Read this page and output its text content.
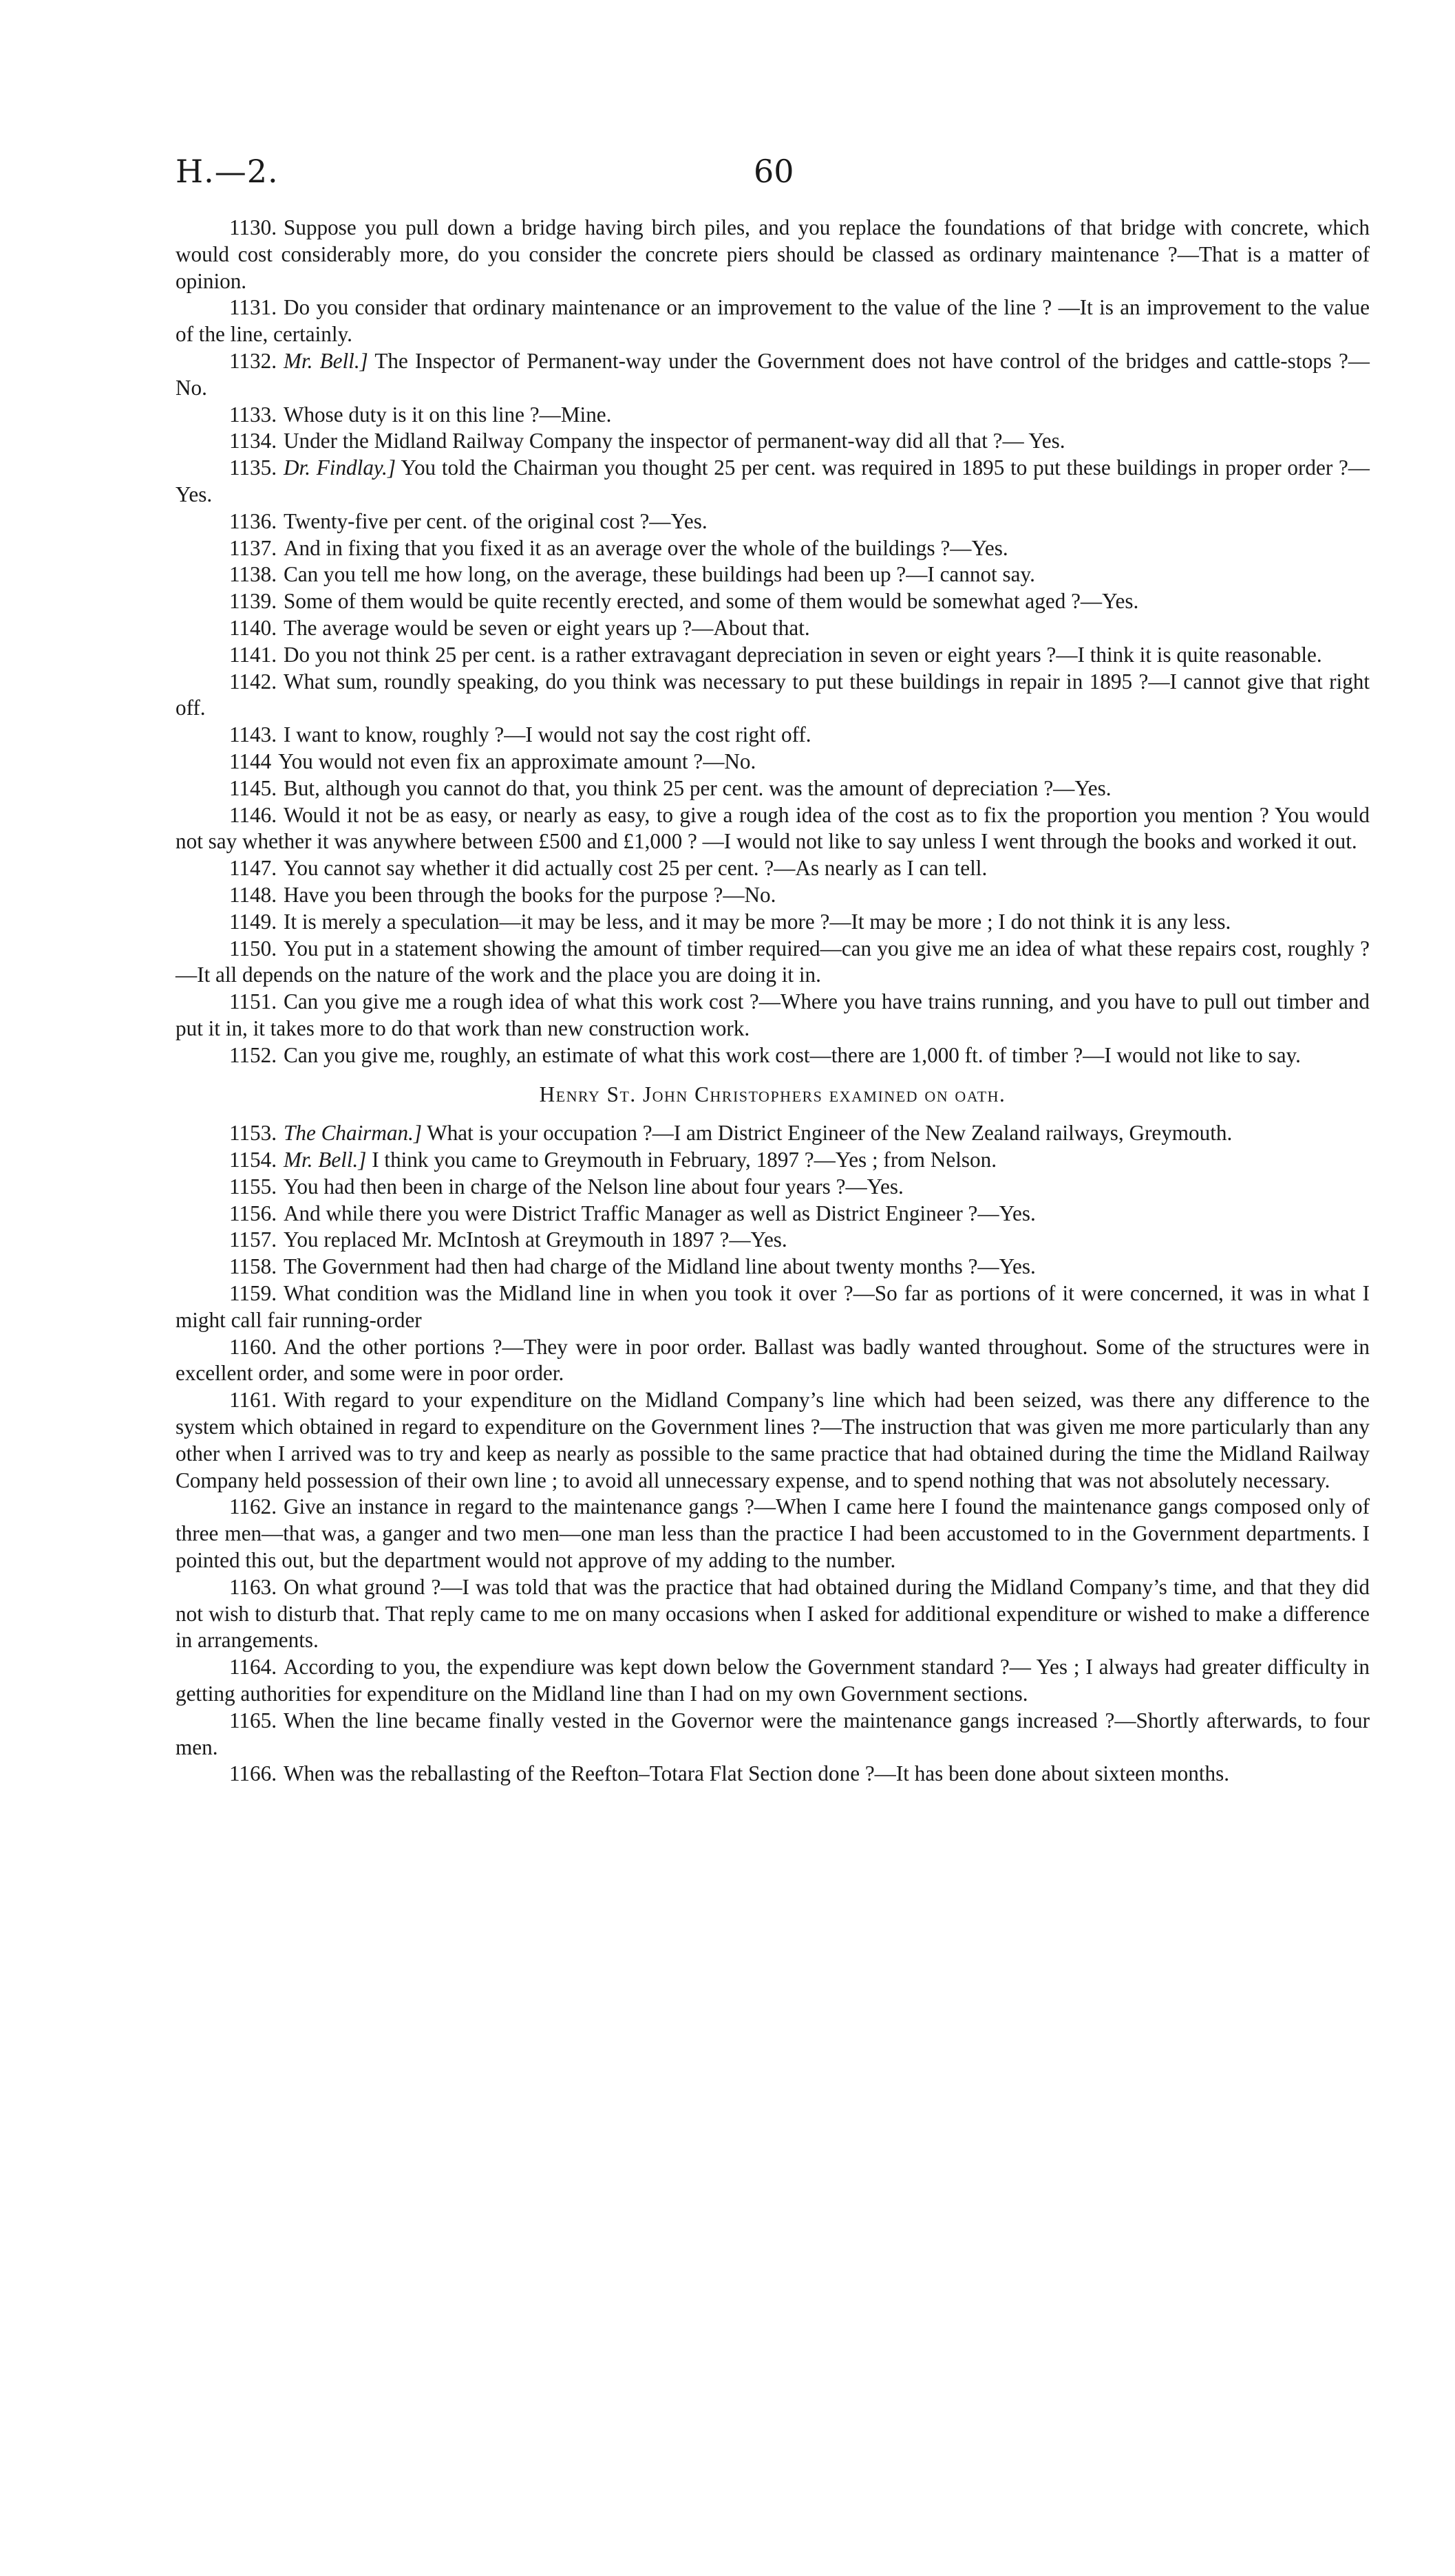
H.—2.	60

1130. Suppose you pull down a bridge having birch piles, and you replace the foundations of that bridge with concrete, which would cost considerably more, do you consider the concrete piers should be classed as ordinary maintenance ?—That is a matter of opinion.

1131. Do you consider that ordinary maintenance or an improvement to the value of the line ? —It is an improvement to the value of the line, certainly.

1132. Mr. Bell.] The Inspector of Permanent-way under the Government does not have control of the bridges and cattle-stops ?—No.

1133. Whose duty is it on this line ?—Mine.

1134. Under the Midland Railway Company the inspector of permanent-way did all that ?— Yes.

1135. Dr. Findlay.] You told the Chairman you thought 25 per cent. was required in 1895 to put these buildings in proper order ?—Yes.

1136. Twenty-five per cent. of the original cost ?—Yes.

1137. And in fixing that you fixed it as an average over the whole of the buildings ?—Yes.

1138. Can you tell me how long, on the average, these buildings had been up ?—I cannot say.

1139. Some of them would be quite recently erected, and some of them would be somewhat aged ?—Yes.

1140. The average would be seven or eight years up ?—About that.

1141. Do you not think 25 per cent. is a rather extravagant depreciation in seven or eight years ?—I think it is quite reasonable.

1142. What sum, roundly speaking, do you think was necessary to put these buildings in repair in 1895 ?—I cannot give that right off.

1143. I want to know, roughly ?—I would not say the cost right off.

1144 You would not even fix an approximate amount ?—No.

1145. But, although you cannot do that, you think 25 per cent. was the amount of depreciation ?—Yes.

1146. Would it not be as easy, or nearly as easy, to give a rough idea of the cost as to fix the proportion you mention ? You would not say whether it was anywhere between £500 and £1,000 ? —I would not like to say unless I went through the books and worked it out.

1147. You cannot say whether it did actually cost 25 per cent. ?—As nearly as I can tell.

1148. Have you been through the books for the purpose ?—No.

1149. It is merely a speculation—it may be less, and it may be more ?—It may be more ; I do not think it is any less.

1150. You put in a statement showing the amount of timber required—can you give me an idea of what these repairs cost, roughly ?—It all depends on the nature of the work and the place you are doing it in.

1151. Can you give me a rough idea of what this work cost ?—Where you have trains running, and you have to pull out timber and put it in, it takes more to do that work than new construction work.

1152. Can you give me, roughly, an estimate of what this work cost—there are 1,000 ft. of timber ?—I would not like to say.

Henry St. John Christophers examined on oath.

1153. The Chairman.] What is your occupation ?—I am District Engineer of the New Zealand railways, Greymouth.

1154. Mr. Bell.] I think you came to Greymouth in February, 1897 ?—Yes ; from Nelson.

1155. You had then been in charge of the Nelson line about four years ?—Yes.

1156. And while there you were District Traffic Manager as well as District Engineer ?—Yes.

1157. You replaced Mr. McIntosh at Greymouth in 1897 ?—Yes.

1158. The Government had then had charge of the Midland line about twenty months ?—Yes.

1159. What condition was the Midland line in when you took it over ?—So far as portions of it were concerned, it was in what I might call fair running-order

1160. And the other portions ?—They were in poor order. Ballast was badly wanted throughout. Some of the structures were in excellent order, and some were in poor order.

1161. With regard to your expenditure on the Midland Company’s line which had been seized, was there any difference to the system which obtained in regard to expenditure on the Government lines ?—The instruction that was given me more particularly than any other when I arrived was to try and keep as nearly as possible to the same practice that had obtained during the time the Midland Railway Company held possession of their own line ; to avoid all unnecessary expense, and to spend nothing that was not absolutely necessary.

1162. Give an instance in regard to the maintenance gangs ?—When I came here I found the maintenance gangs composed only of three men—that was, a ganger and two men—one man less than the practice I had been accustomed to in the Government departments. I pointed this out, but the department would not approve of my adding to the number.

1163. On what ground ?—I was told that was the practice that had obtained during the Midland Company’s time, and that they did not wish to disturb that. That reply came to me on many occasions when I asked for additional expenditure or wished to make a difference in arrangements.

1164. According to you, the expendiure was kept down below the Government standard ?— Yes ; I always had greater difficulty in getting authorities for expenditure on the Midland line than I had on my own Government sections.

1165. When the line became finally vested in the Governor were the maintenance gangs increased ?—Shortly afterwards, to four men.

1166. When was the reballasting of the Reefton–Totara Flat Section done ?—It has been done about sixteen months.
